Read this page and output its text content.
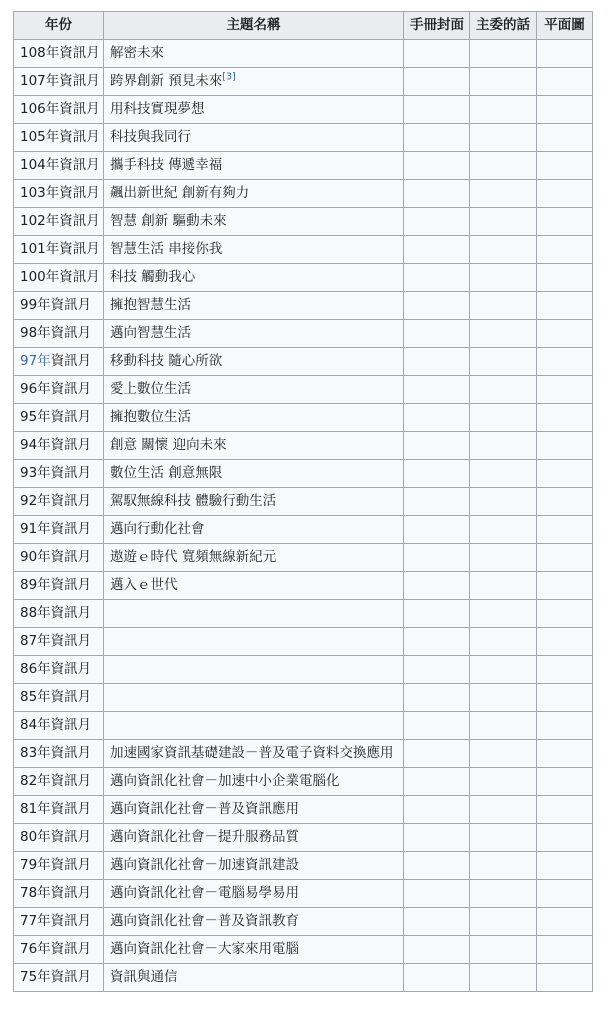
年份	主題名稱	手冊封面	主委的話	平面圖
108年資訊月	解密未來			
107年資訊月	跨界創新 預見未來[3]			
106年資訊月	用科技實現夢想			
105年資訊月	科技與我同行			
104年資訊月	攜手科技 傳遞幸福			
103年資訊月	飆出新世紀 創新有夠力			
102年資訊月	智慧 創新 驅動未來			
101年資訊月	智慧生活 串接你我			
100年資訊月	科技 觸動我心			
99年資訊月	擁抱智慧生活			
98年資訊月	邁向智慧生活			
97年資訊月	移動科技 隨心所欲			
96年資訊月	愛上數位生活			
95年資訊月	擁抱數位生活			
94年資訊月	創意 關懷 迎向未來			
93年資訊月	數位生活 創意無限			
92年資訊月	駕馭無線科技 體驗行動生活			
91年資訊月	邁向行動化社會			
90年資訊月	遨遊ｅ時代 寬頻無線新紀元			
89年資訊月	邁入ｅ世代			
88年資訊月				
87年資訊月				
86年資訊月				
85年資訊月				
84年資訊月				
83年資訊月	加速國家資訊基礎建設－普及電子資料交換應用			
82年資訊月	邁向資訊化社會－加速中小企業電腦化			
81年資訊月	邁向資訊化社會－普及資訊應用			
80年資訊月	邁向資訊化社會－提升服務品質			
79年資訊月	邁向資訊化社會－加速資訊建設			
78年資訊月	邁向資訊化社會－電腦易學易用			
77年資訊月	邁向資訊化社會－普及資訊教育			
76年資訊月	邁向資訊化社會－大家來用電腦			
75年資訊月	資訊與通信			
